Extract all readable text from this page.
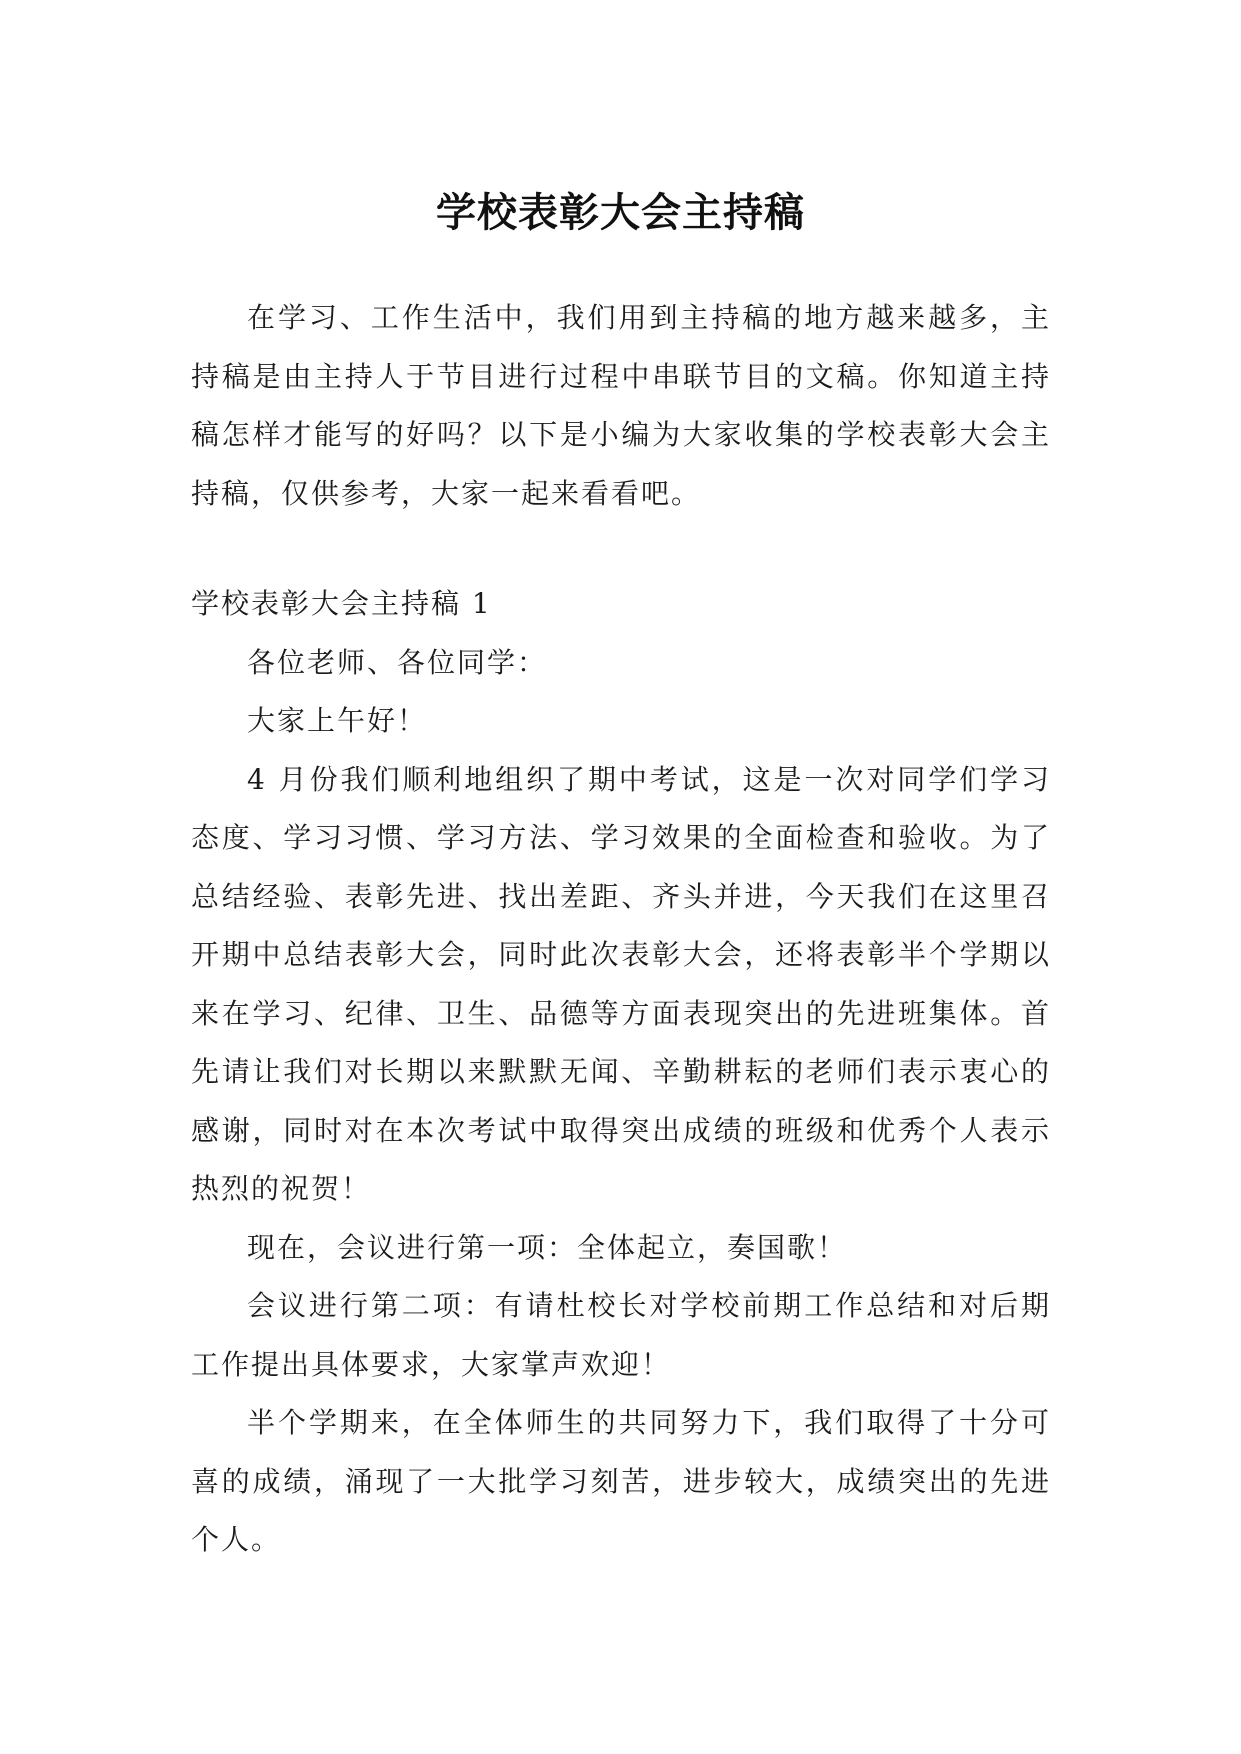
学校表彰大会主持稿

在学习、工作生活中，我们用到主持稿的地方越来越多，主持稿是由主持人于节目进行过程中串联节目的文稿。你知道主持稿怎样才能写的好吗？以下是小编为大家收集的学校表彰大会主持稿，仅供参考，大家一起来看看吧。

学校表彰大会主持稿 1

各位老师、各位同学：

大家上午好！

4 月份我们顺利地组织了期中考试，这是一次对同学们学习态度、学习习惯、学习方法、学习效果的全面检查和验收。为了总结经验、表彰先进、找出差距、齐头并进，今天我们在这里召开期中总结表彰大会，同时此次表彰大会，还将表彰半个学期以来在学习、纪律、卫生、品德等方面表现突出的先进班集体。首先请让我们对长期以来默默无闻、辛勤耕耘的老师们表示衷心的感谢，同时对在本次考试中取得突出成绩的班级和优秀个人表示热烈的祝贺！

现在，会议进行第一项：全体起立，奏国歌！

会议进行第二项：有请杜校长对学校前期工作总结和对后期工作提出具体要求，大家掌声欢迎！

半个学期来，在全体师生的共同努力下，我们取得了十分可喜的成绩，涌现了一大批学习刻苦，进步较大，成绩突出的先进个人。
